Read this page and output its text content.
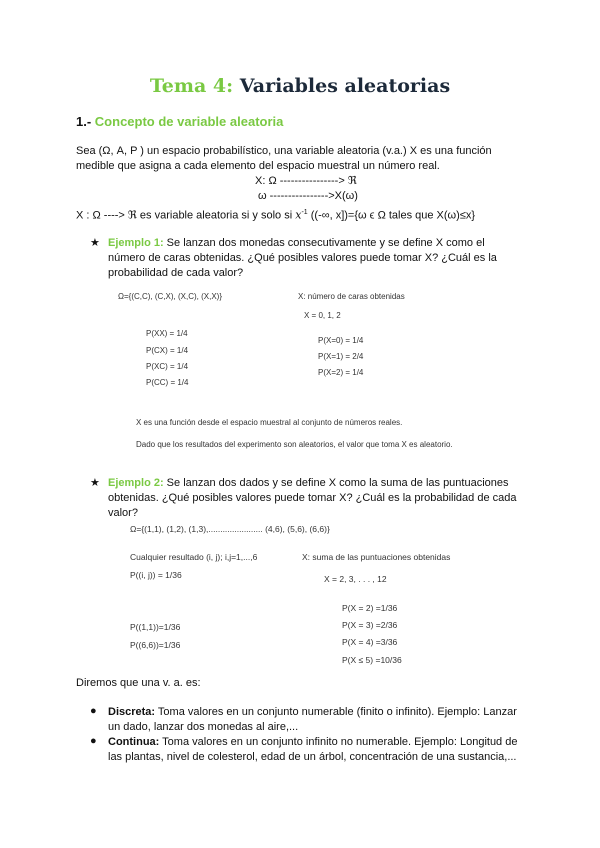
Tema 4: Variables aleatorias
1.- Concepto de variable aleatoria
Sea (Ω, A, P ) un espacio probabilístico, una variable aleatoria (v.a.) X es una función
medible que asigna a cada elemento del espacio muestral un número real.
X: Ω ----------------> ℜ
ω ---------------->X(ω)
X : Ω ----> ℜ es variable aleatoria si y solo si $x^{-1}$ ((-∞, x])={ω ϵ Ω tales que X(ω)≤x}
★ Ejemplo 1: Se lanzan dos monedas consecutivamente y se define X como el
número de caras obtenidas. ¿Qué posibles valores puede tomar X? ¿Cuál es la
probabilidad de cada valor?
Ω={(C,C), (C,X), (X,C), (X,X)}	X: número de caras obtenidas
X = 0, 1, 2
P(XX) = 1/4
P(CX) = 1/4
P(XC) = 1/4
P(CC) = 1/4
P(X=0) = 1/4
P(X=1) = 2/4
P(X=2) = 1/4
X es una función desde el espacio muestral al conjunto de números reales.
Dado que los resultados del experimento son aleatorios, el valor que toma X es aleatorio.
★ Ejemplo 2: Se lanzan dos dados y se define X como la suma de las puntuaciones
obtenidas. ¿Qué posibles valores puede tomar X? ¿Cuál es la probabilidad de cada
valor?
Ω={(1,1), (1,2), (1,3),....................... (4,6), (5,6), (6,6)}
Cualquier resultado (i, j); i,j=1,...,6
P((i, j)) = 1/36
X: suma de las puntuaciones obtenidas
X = 2, 3, . . . , 12
P(X = 2) =1/36
P(X = 3) =2/36
P(X = 4) =3/36
P(X ≤ 5) =10/36
P((1,1))=1/36
P((6,6))=1/36
Diremos que una v. a. es:
● Discreta: Toma valores en un conjunto numerable (finito o infinito). Ejemplo: Lanzar
un dado, lanzar dos monedas al aire,...
● Continua: Toma valores en un conjunto infinito no numerable. Ejemplo: Longitud de
las plantas, nivel de colesterol, edad de un árbol, concentración de una sustancia,...
